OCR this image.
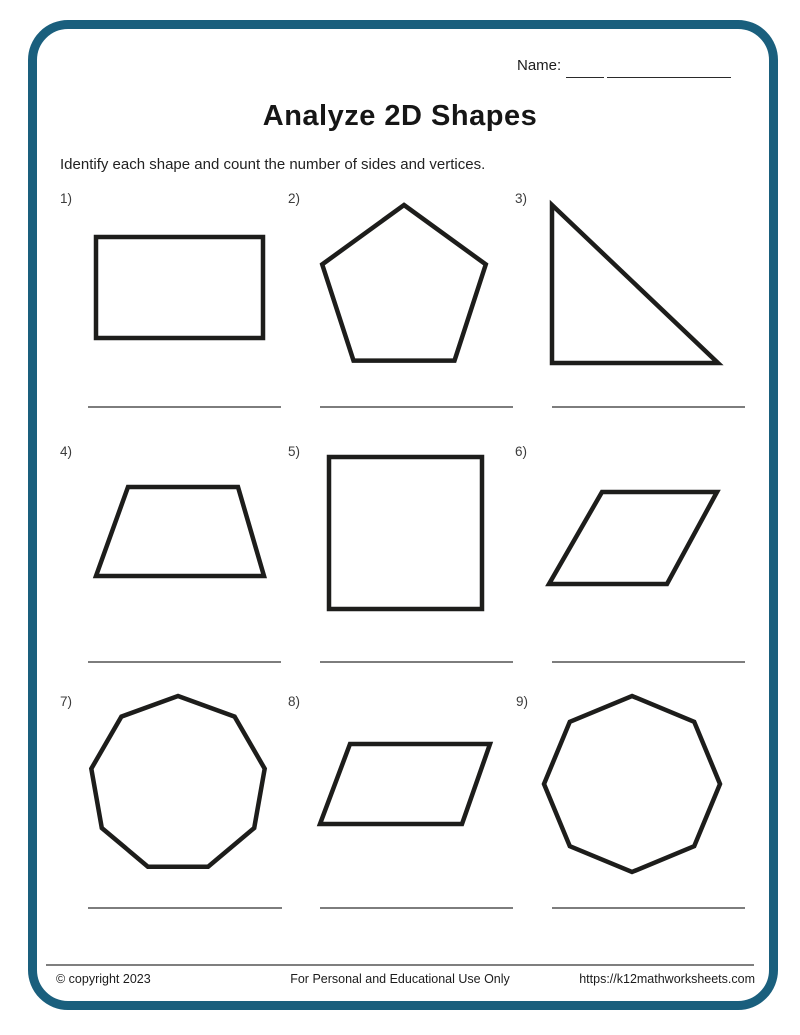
Name:
Analyze 2D Shapes
Identify each shape and count the number of sides and vertices.
1)	2)	3)
4)	5)	6)
7)	8)	9)
© copyright 2023	For Personal and Educational Use Only	https://k12mathworksheets.com
